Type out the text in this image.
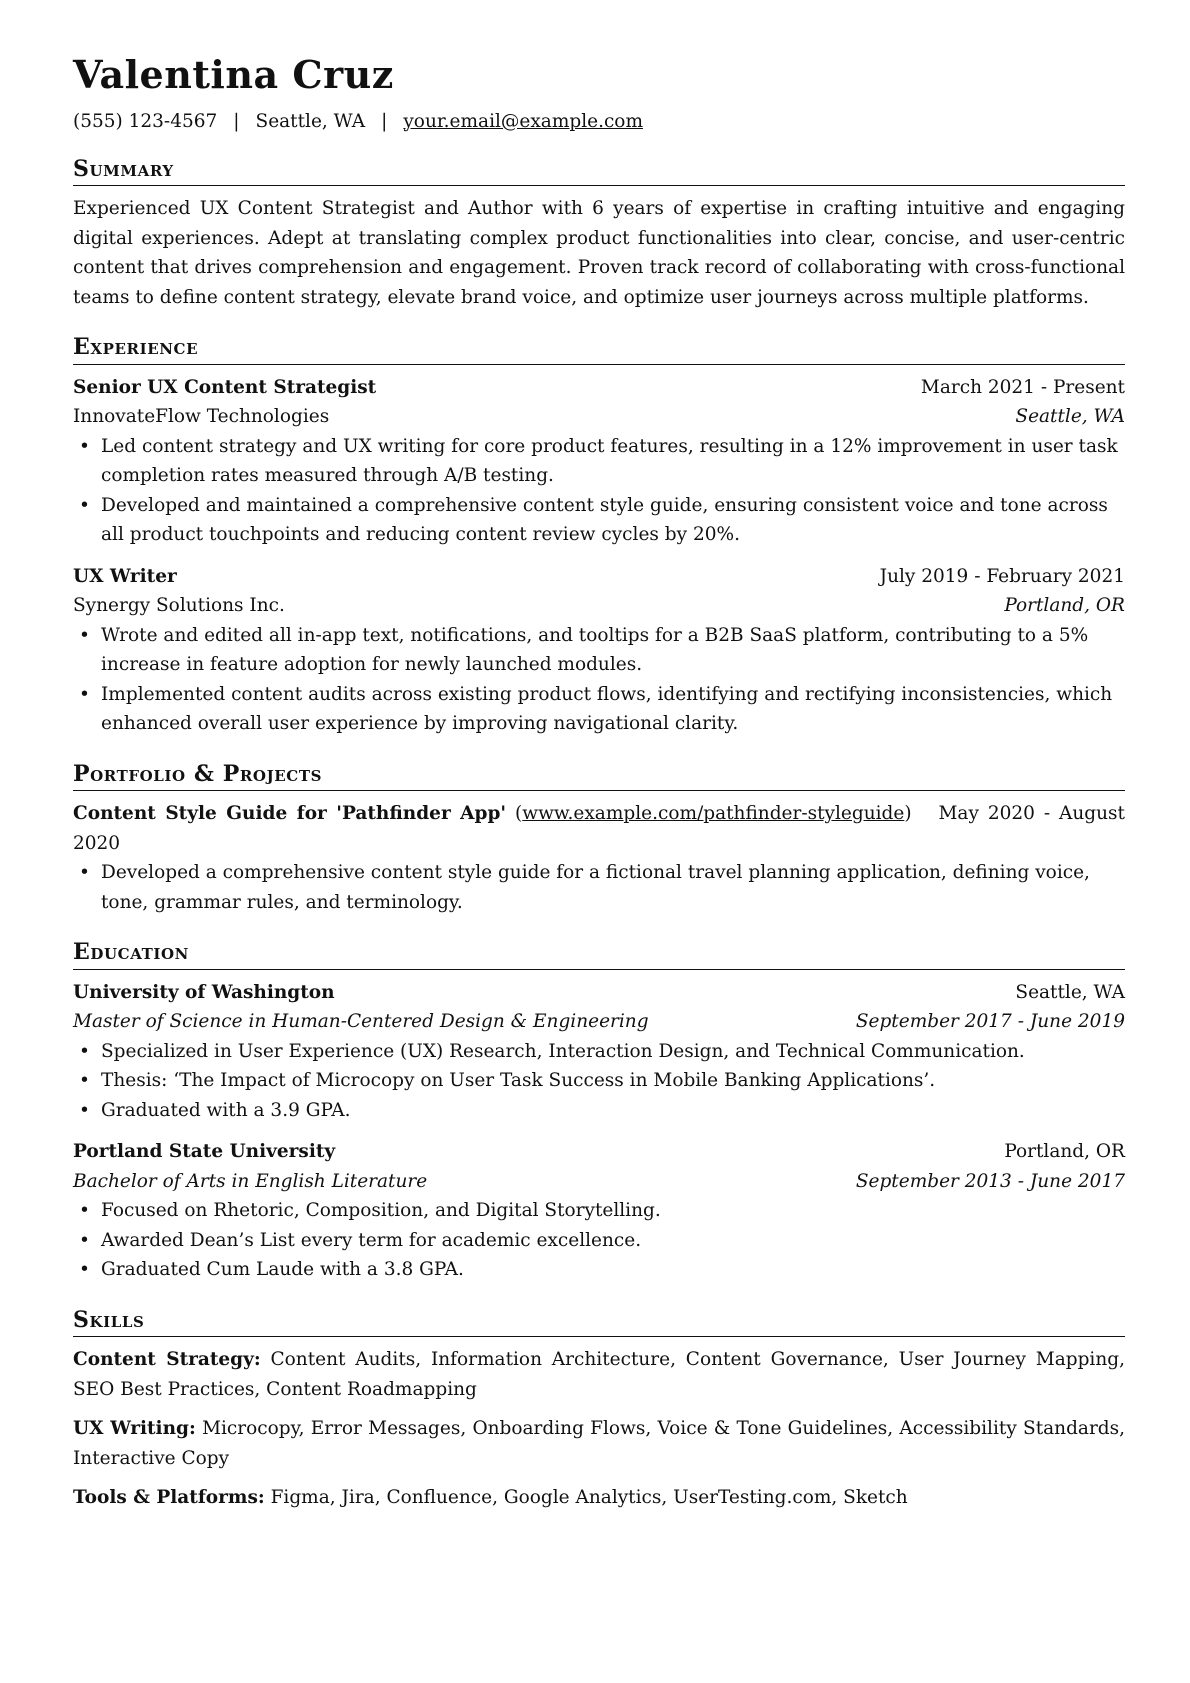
Valentina Cruz
(555) 123-4567 | Seattle, WA | your.email@example.com
Summary
Experienced UX Content Strategist and Author with 6 years of expertise in crafting intuitive and engaging digital experiences. Adept at translating complex product functionalities into clear, concise, and user-centric content that drives comprehension and engagement. Proven track record of collaborating with cross-functional teams to define content strategy, elevate brand voice, and optimize user journeys across multiple platforms.
Experience
Senior UX Content Strategist	March 2021 - Present
InnovateFlow Technologies	Seattle, WA
• Led content strategy and UX writing for core product features, resulting in a 12% improvement in user task completion rates measured through A/B testing.
• Developed and maintained a comprehensive content style guide, ensuring consistent voice and tone across all product touchpoints and reducing content review cycles by 20%.
UX Writer	July 2019 - February 2021
Synergy Solutions Inc.	Portland, OR
• Wrote and edited all in-app text, notifications, and tooltips for a B2B SaaS platform, contributing to a 5% increase in feature adoption for newly launched modules.
• Implemented content audits across existing product flows, identifying and rectifying inconsistencies, which enhanced overall user experience by improving navigational clarity.
Portfolio & Projects
Content Style Guide for 'Pathfinder App' (www.example.com/pathfinder-styleguide) May 2020 - August 2020
• Developed a comprehensive content style guide for a fictional travel planning application, defining voice, tone, grammar rules, and terminology.
Education
University of Washington	Seattle, WA
Master of Science in Human-Centered Design & Engineering	September 2017 - June 2019
• Specialized in User Experience (UX) Research, Interaction Design, and Technical Communication.
• Thesis: ‘The Impact of Microcopy on User Task Success in Mobile Banking Applications’.
• Graduated with a 3.9 GPA.
Portland State University	Portland, OR
Bachelor of Arts in English Literature	September 2013 - June 2017
• Focused on Rhetoric, Composition, and Digital Storytelling.
• Awarded Dean’s List every term for academic excellence.
• Graduated Cum Laude with a 3.8 GPA.
Skills
Content Strategy: Content Audits, Information Architecture, Content Governance, User Journey Mapping, SEO Best Practices, Content Roadmapping
UX Writing: Microcopy, Error Messages, Onboarding Flows, Voice & Tone Guidelines, Accessibility Standards, Interactive Copy
Tools & Platforms: Figma, Jira, Confluence, Google Analytics, UserTesting.com, Sketch
